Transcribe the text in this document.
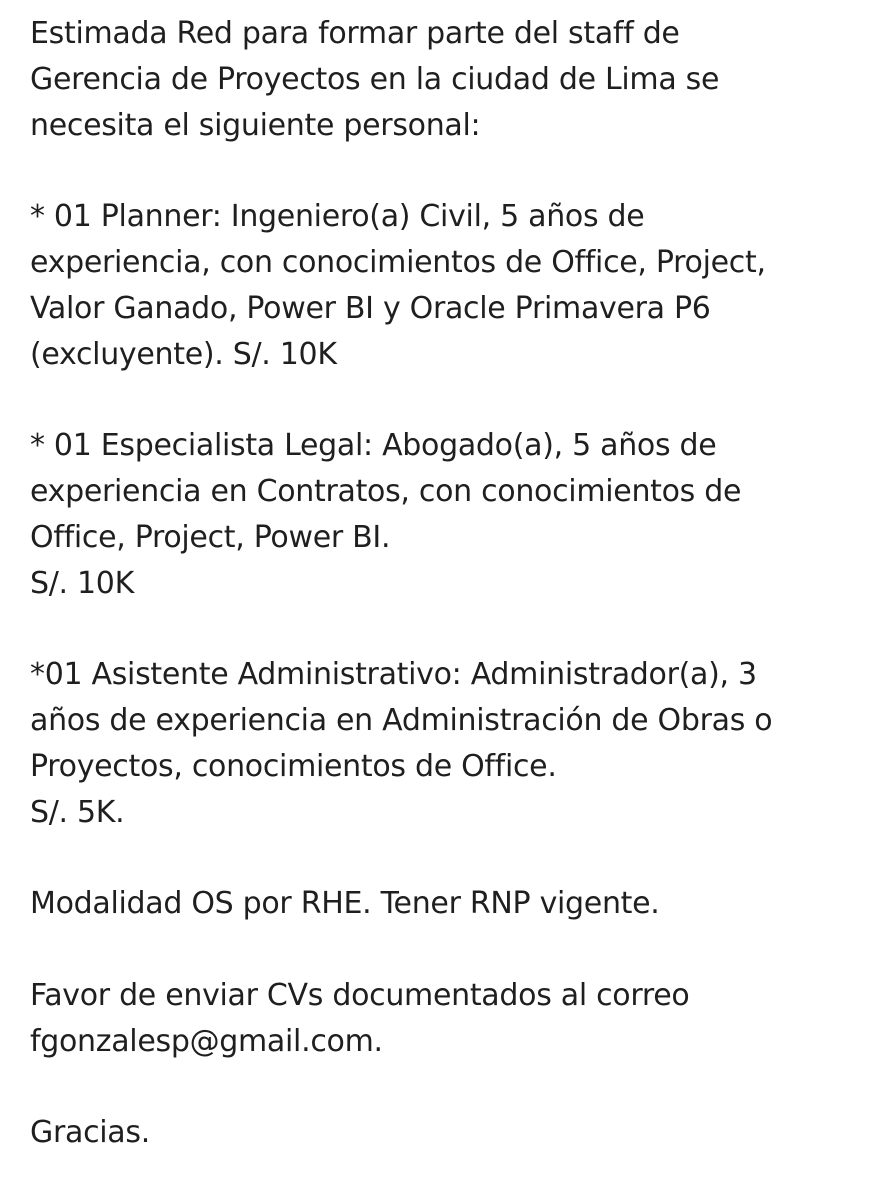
Estimada Red para formar parte del staff de
Gerencia de Proyectos en la ciudad de Lima se
necesita el siguiente personal:
* 01 Planner: Ingeniero(a) Civil, 5 años de
experiencia, con conocimientos de Office, Project,
Valor Ganado, Power BI y Oracle Primavera P6
(excluyente). S/. 10K
* 01 Especialista Legal: Abogado(a), 5 años de
experiencia en Contratos, con conocimientos de
Office, Project, Power BI.
S/. 10K
*01 Asistente Administrativo: Administrador(a), 3
años de experiencia en Administración de Obras o
Proyectos, conocimientos de Office.
S/. 5K.
Modalidad OS por RHE. Tener RNP vigente.
Favor de enviar CVs documentados al correo
fgonzalesp@gmail.com.
Gracias.
